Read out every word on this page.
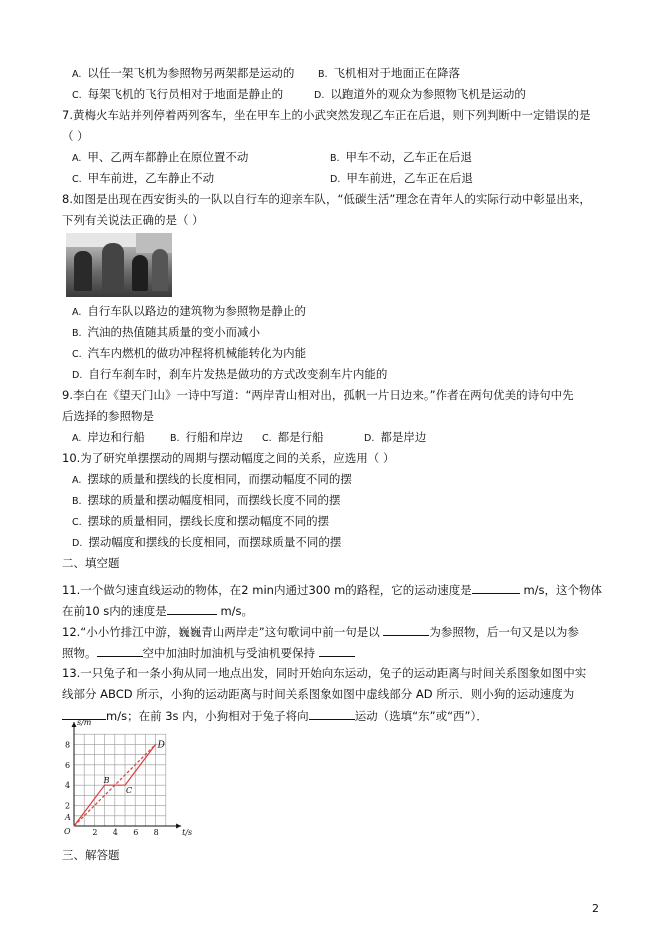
A. 以任一架飞机为参照物另两架都是运动的 B. 飞机相对于地面正在降落
C. 每架飞机的飞行员相对于地面是静止的	D. 以跑道外的观众为参照物飞机是运动的
7.黄梅火车站并列停着两列客车，坐在甲车上的小武突然发现乙车正在后退，则下列判断中一定错误的是
（ ）
A. 甲、乙两车都静止在原位置不动	B. 甲车不动，乙车正在后退
C. 甲车前进，乙车静止不动	D. 甲车前进，乙车正在后退
8.如图是出现在西安街头的一队以自行车的迎亲车队，“低碳生活”理念在青年人的实际行动中彰显出来，
下列有关说法正确的是（ ）
A. 自行车队以路边的建筑物为参照物是静止的
B. 汽油的热值随其质量的变小而减小
C. 汽车内燃机的做功冲程将机械能转化为内能
D. 自行车刹车时，刹车片发热是做功的方式改变刹车片内能的
9.李白在《望天门山》一诗中写道：“两岸青山相对出，孤帆一片日边来。”作者在两句优美的诗句中先
后选择的参照物是
A. 岸边和行船	B. 行船和岸边 C. 都是行船	D. 都是岸边
10.为了研究单摆摆动的周期与摆动幅度之间的关系，应选用（ ）
A. 摆球的质量和摆线的长度相同，而摆动幅度不同的摆
B. 摆球的质量和摆动幅度相同，而摆线长度不同的摆
C. 摆球的质量相同，摆线长度和摆动幅度不同的摆
D. 摆动幅度和摆线的长度相同，而摆球质量不同的摆
二、填空题
11.一个做匀速直线运动的物体，在2 min内通过300 m的路程，它的运动速度是	m/s，这个物体
在前10 s内的速度是	m/s。
12.“小小竹排江中游，巍巍青山两岸走”这句歌词中前一句是以	为参照物，后一句又是以为参
照物。	空中加油时加油机与受油机要保持
13.一只兔子和一条小狗从同一地点出发，同时开始向东运动，兔子的运动距离与时间关系图象如图中实
线部分 ABCD 所示，小狗的运动距离与时间关系图象如图中虚线部分 AD 所示．则小狗的运动速度为
m/s；在前 3s 内，小狗相对于兔子将向	运动（选填“东”或“西”）．
2
4
6
8
2 4 6 8
s/m
t/s
O
A
B
C
D
三、解答题
2
